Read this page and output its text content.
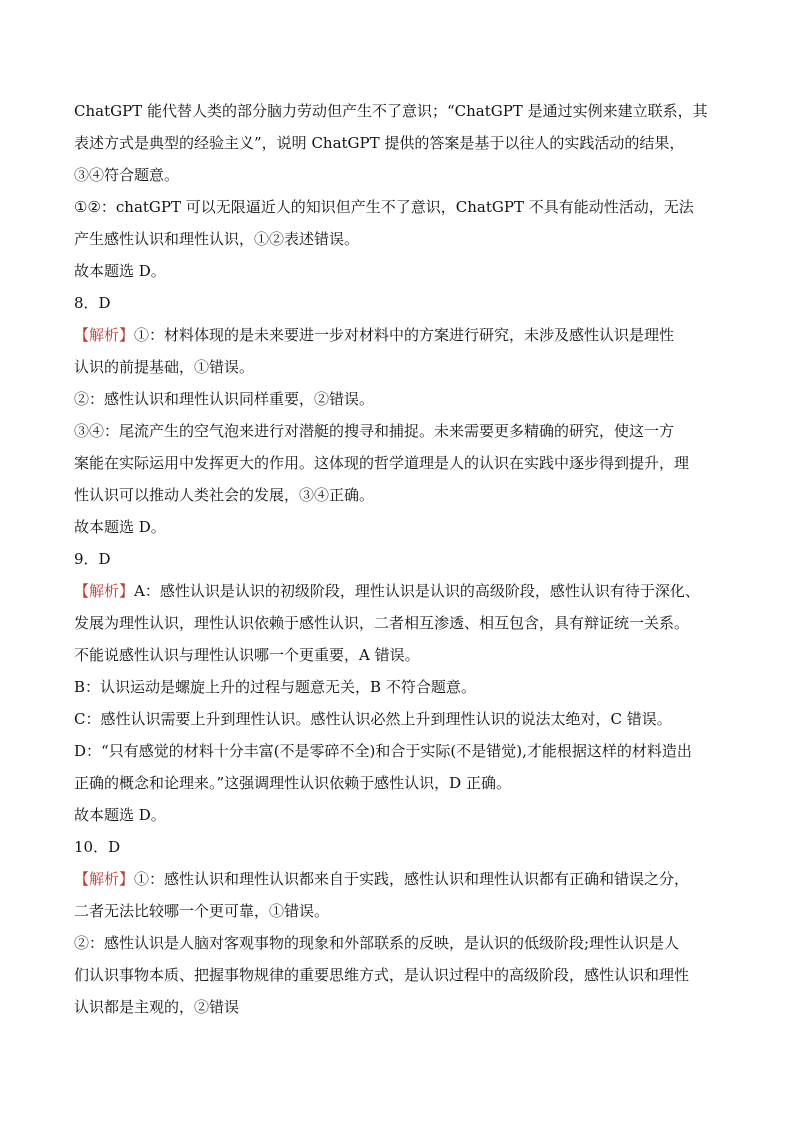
ChatGPT 能代替人类的部分脑力劳动但产生不了意识；“ChatGPT 是通过实例来建立联系，其
表述方式是典型的经验主义”，说明 ChatGPT 提供的答案是基于以往人的实践活动的结果，
③④符合题意。
①②：chatGPT 可以无限逼近人的知识但产生不了意识，ChatGPT 不具有能动性活动，无法
产生感性认识和理性认识，①②表述错误。
故本题选 D。
8．D
【解析】①：材料体现的是未来要进一步对材料中的方案进行研究，未涉及感性认识是理性
认识的前提基础，①错误。
②：感性认识和理性认识同样重要，②错误。
③④：尾流产生的空气泡来进行对潜艇的搜寻和捕捉。未来需要更多精确的研究，使这一方
案能在实际运用中发挥更大的作用。这体现的哲学道理是人的认识在实践中逐步得到提升，理
性认识可以推动人类社会的发展，③④正确。
故本题选 D。
9．D
【解析】A：感性认识是认识的初级阶段，理性认识是认识的高级阶段，感性认识有待于深化、
发展为理性认识，理性认识依赖于感性认识，二者相互渗透、相互包含，具有辩证统一关系。
不能说感性认识与理性认识哪一个更重要，A 错误。
B：认识运动是螺旋上升的过程与题意无关，B 不符合题意。
C：感性认识需要上升到理性认识。感性认识必然上升到理性认识的说法太绝对，C 错误。
D：“只有感觉的材料十分丰富(不是零碎不全)和合于实际(不是错觉),才能根据这样的材料造出
正确的概念和论理来。”这强调理性认识依赖于感性认识，D 正确。
故本题选 D。
10．D
【解析】①：感性认识和理性认识都来自于实践，感性认识和理性认识都有正确和错误之分，
二者无法比较哪一个更可靠，①错误。
②：感性认识是人脑对客观事物的现象和外部联系的反映，是认识的低级阶段;理性认识是人
们认识事物本质、把握事物规律的重要思维方式，是认识过程中的高级阶段，感性认识和理性
认识都是主观的，②错误
